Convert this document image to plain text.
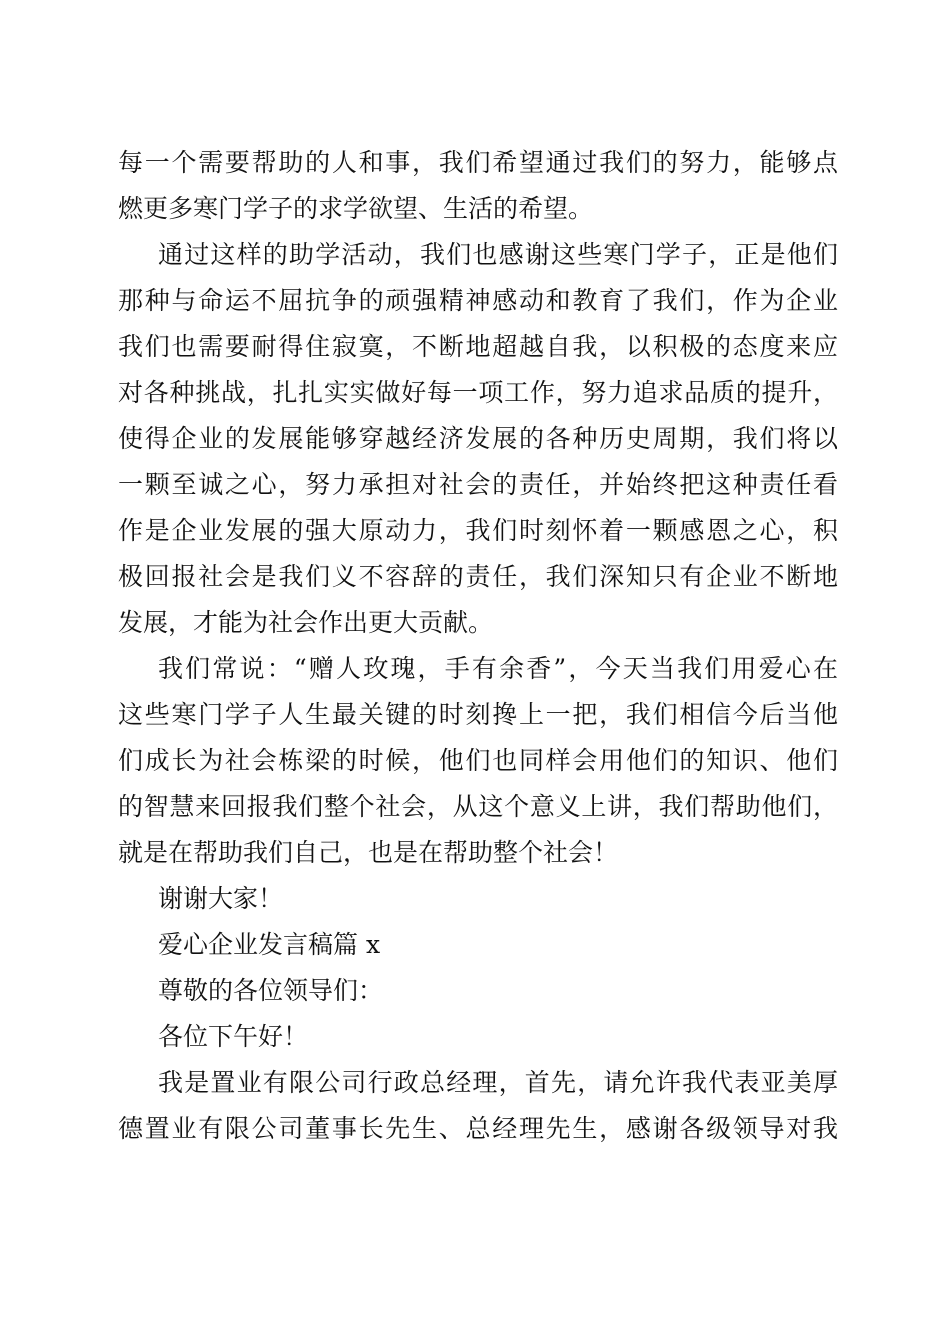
每一个需要帮助的人和事，我们希望通过我们的努力，能够点
燃更多寒门学子的求学欲望、生活的希望。
通过这样的助学活动，我们也感谢这些寒门学子，正是他们
那种与命运不屈抗争的顽强精神感动和教育了我们，作为企业
我们也需要耐得住寂寞，不断地超越自我，以积极的态度来应
对各种挑战，扎扎实实做好每一项工作，努力追求品质的提升，
使得企业的发展能够穿越经济发展的各种历史周期，我们将以
一颗至诚之心，努力承担对社会的责任，并始终把这种责任看
作是企业发展的强大原动力，我们时刻怀着一颗感恩之心，积
极回报社会是我们义不容辞的责任，我们深知只有企业不断地
发展，才能为社会作出更大贡献。
我们常说：“赠人玫瑰，手有余香”，今天当我们用爱心在
这些寒门学子人生最关键的时刻搀上一把，我们相信今后当他
们成长为社会栋梁的时候，他们也同样会用他们的知识、他们
的智慧来回报我们整个社会，从这个意义上讲，我们帮助他们，
就是在帮助我们自己，也是在帮助整个社会！
谢谢大家！
爱心企业发言稿篇 x
尊敬的各位领导们：
各位下午好！
我是置业有限公司行政总经理，首先，请允许我代表亚美厚
德置业有限公司董事长先生、总经理先生，感谢各级领导对我
